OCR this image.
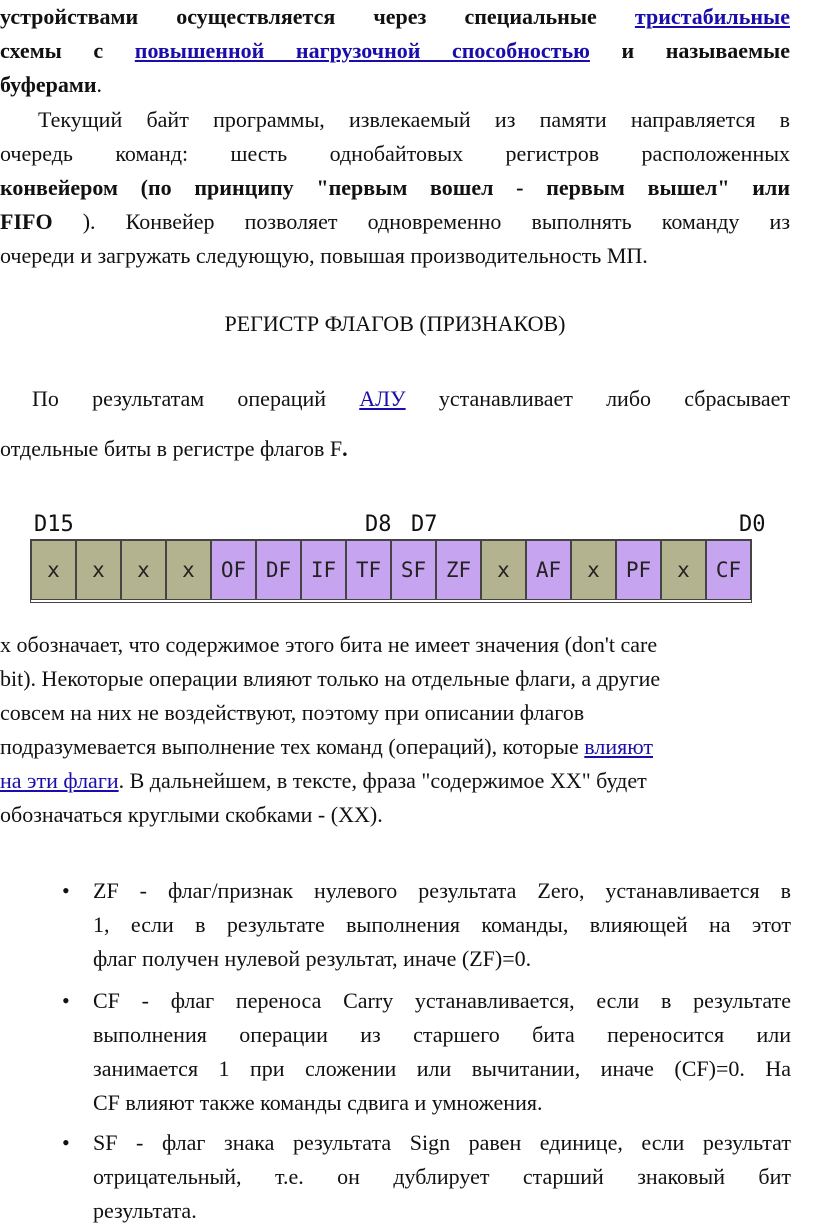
устройствами осуществляется через специальные тристабильные
схемы с повышенной нагрузочной способностью и называемые
буферами.
Текущий байт программы, извлекаемый из памяти направляется в
очередь команд: шесть однобайтовых регистров расположенных
конвейером (по принципу "первым вошел - первым вышел" или
FIFO ). Конвейер позволяет одновременно выполнять команду из
очереди и загружать следующую, повышая производительность МП.
РЕГИСТР ФЛАГОВ (ПРИЗНАКОВ)
По результатам операций АЛУ устанавливает либо сбрасывает
отдельные биты в регистре флагов F.
D15	D8 D7	D0
x	x	x	x	OF DF IF TF SF ZF	x	AF	x	PF	x	CF
x обозначает, что содержимое этого бита не имеет значения (don't care
bit). Некоторые операции влияют только на отдельные флаги, а другие
совсем на них не воздействуют, поэтому при описании флагов
подразумевается выполнение тех команд (операций), которые влияют
на эти флаги. В дальнейшем, в тексте, фраза "содержимое XX" будет
обозначаться круглыми скобками - (XX).
• ZF - флаг/признак нулевого результата Zero, устанавливается в
1, если в результате выполнения команды, влияющей на этот
флаг получен нулевой результат, иначе (ZF)=0.
• CF - флаг переноса Carry устанавливается, если в результате
выполнения операции из старшего бита переносится или
занимается 1 при сложении или вычитании, иначе (CF)=0. На
CF влияют также команды сдвига и умножения.
• SF - флаг знака результата Sign равен единице, если результат
отрицательный, т.е. он дублирует старший знаковый бит
результата.
